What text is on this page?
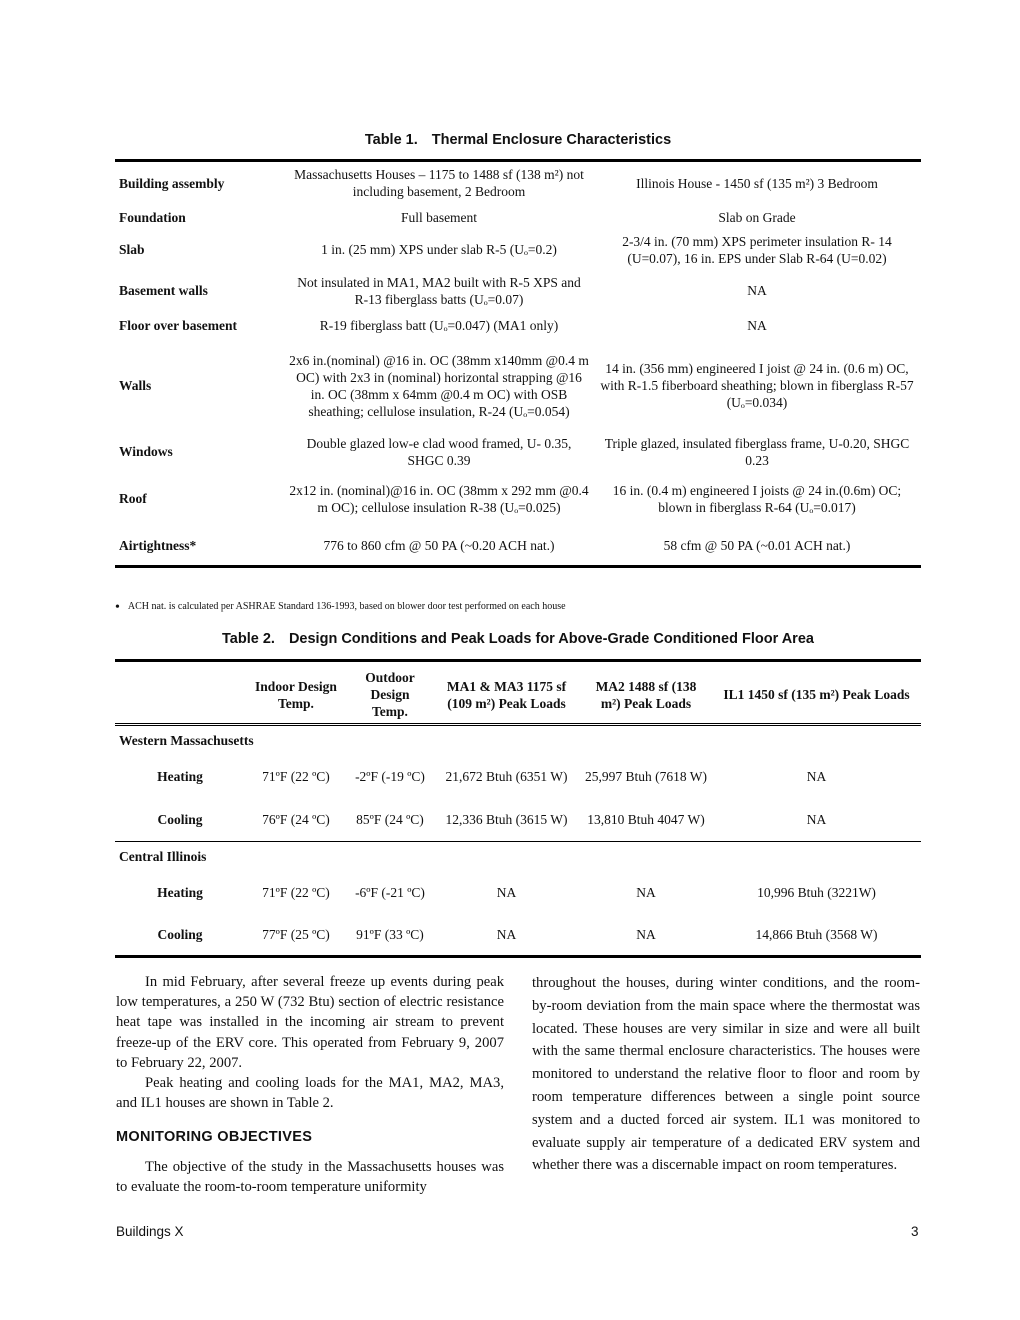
Table 1. Thermal Enclosure Characteristics
Building assembly	Massachusetts Houses – 1175 to 1488 sf (138 m²) not including basement, 2 Bedroom	Illinois House - 1450 sf (135 m²) 3 Bedroom
Foundation	Full basement	Slab on Grade
Slab	1 in. (25 mm) XPS under slab R-5 (Uₒ=0.2)	2-3/4 in. (70 mm) XPS perimeter insulation R- 14 (U=0.07), 16 in. EPS under Slab R-64 (U=0.02)
Basement walls	Not insulated in MA1, MA2 built with R-5 XPS and R-13 fiberglass batts (Uₒ=0.07)	NA
Floor over basement	R-19 fiberglass batt (Uₒ=0.047) (MA1 only)	NA
Walls	2x6 in.(nominal) @16 in. OC (38mm x140mm @0.4 m OC) with 2x3 in (nominal) horizontal strapping @16 in. OC (38mm x 64mm @0.4 m OC) with OSB sheathing; cellulose insulation, R-24 (Uₒ=0.054)	14 in. (356 mm) engineered I joist @ 24 in. (0.6 m) OC, with R-1.5 fiberboard sheathing; blown in fiberglass R-57 (Uₒ=0.034)
Windows	Double glazed low-e clad wood framed, U- 0.35, SHGC 0.39	Triple glazed, insulated fiberglass frame, U-0.20, SHGC 0.23
Roof	2x12 in. (nominal)@16 in. OC (38mm x 292 mm @0.4 m OC); cellulose insulation R-38 (Uₒ=0.025)	16 in. (0.4 m) engineered I joists @ 24 in.(0.6m) OC; blown in fiberglass R-64 (Uₒ=0.017)
Airtightness*	776 to 860 cfm @ 50 PA (~0.20 ACH nat.)	58 cfm @ 50 PA (~0.01 ACH nat.)
• ACH nat. is calculated per ASHRAE Standard 136-1993, based on blower door test performed on each house
Table 2. Design Conditions and Peak Loads for Above-Grade Conditioned Floor Area
	Indoor Design Temp.	Outdoor Design Temp.	MA1 & MA3 1175 sf (109 m²) Peak Loads	MA2 1488 sf (138 m²) Peak Loads	IL1 1450 sf (135 m²) Peak Loads
Western Massachusetts					
Heating	71ºF (22 ºC)	-2ºF (-19 ºC)	21,672 Btuh (6351 W)	25,997 Btuh (7618 W)	NA
Cooling	76ºF (24 ºC)	85ºF (24 ºC)	12,336 Btuh (3615 W)	13,810 Btuh 4047 W)	NA
Central Illinois					
Heating	71ºF (22 ºC)	-6ºF (-21 ºC)	NA	NA	10,996 Btuh (3221W)
Cooling	77ºF (25 ºC)	91ºF (33 ºC)	NA	NA	14,866 Btuh (3568 W)

In mid February, after several freeze up events during peak low temperatures, a 250 W (732 Btu) section of electric resistance heat tape was installed in the incoming air stream to prevent freeze-up of the ERV core. This operated from February 9, 2007 to February 22, 2007.

Peak heating and cooling loads for the MA1, MA2, MA3, and IL1 houses are shown in Table 2.

MONITORING OBJECTIVES

The objective of the study in the Massachusetts houses was to evaluate the room-to-room temperature uniformity

throughout the houses, during winter conditions, and the room-by-room deviation from the main space where the thermostat was located. These houses are very similar in size and were all built with the same thermal enclosure characteristics. The houses were monitored to understand the relative floor to floor and room by room temperature differences between a single point source system and a ducted forced air system. IL1 was monitored to evaluate supply air temperature of a dedicated ERV system and whether there was a discernable impact on room temperatures.

Buildings X	3
